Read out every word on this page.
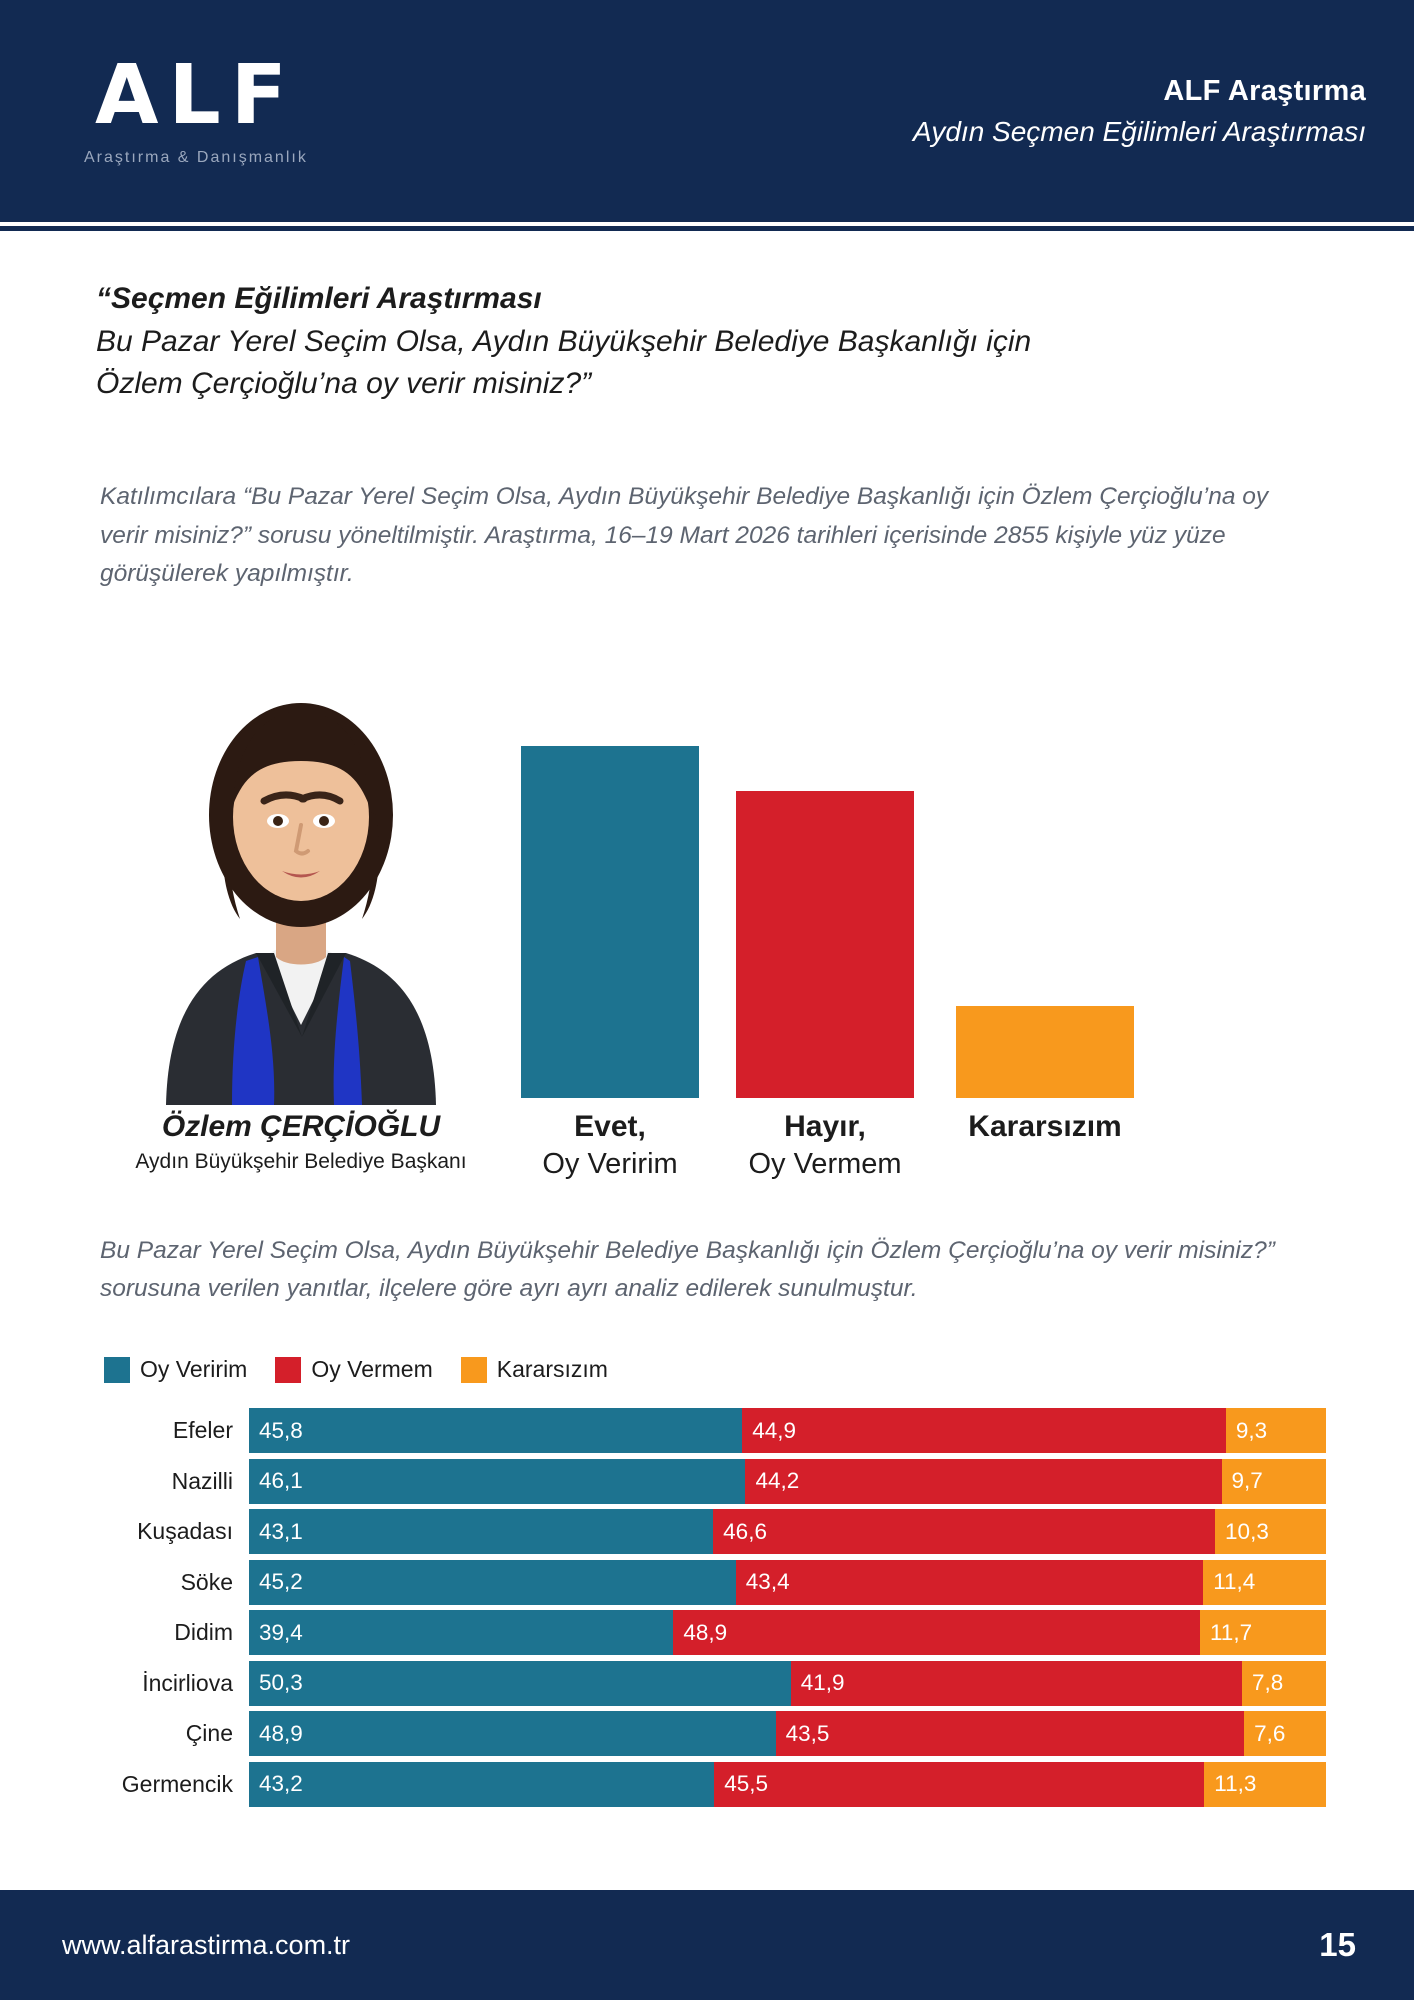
ALF
Araştırma & Danışmanlık
ALF Araştırma
Aydın Seçmen Eğilimleri Araştırması
“Seçmen Eğilimleri Araştırması
Bu Pazar Yerel Seçim Olsa, Aydın Büyükşehir Belediye Başkanlığı için
Özlem Çerçioğlu’na oy verir misiniz?”
Katılımcılara “Bu Pazar Yerel Seçim Olsa, Aydın Büyükşehir Belediye Başkanlığı için Özlem Çerçioğlu’na oy verir misiniz?” sorusu yöneltilmiştir. Araştırma, 16–19 Mart 2026 tarihleri içerisinde 2855 kişiyle yüz yüze görüşülerek yapılmıştır.
Özlem ÇERÇİOĞLU
Aydın Büyükşehir Belediye Başkanı
%47,3
Evet,
Oy Veririm
%43,5
Hayır,
Oy Vermem
%9,2
Kararsızım
Bu Pazar Yerel Seçim Olsa, Aydın Büyükşehir Belediye Başkanlığı için Özlem Çerçioğlu’na oy verir misiniz?” sorusuna verilen yanıtlar, ilçelere göre ayrı ayrı analiz edilerek sunulmuştur.
Oy Veririm	Oy Vermem	Kararsızım
Efeler	45,8	44,9	9,3
Nazilli	46,1	44,2	9,7
Kuşadası	43,1	46,6	10,3
Söke	45,2	43,4	11,4
Didim	39,4	48,9	11,7
İncirliova	50,3	41,9	7,8
Çine	48,9	43,5	7,6
Germencik	43,2	45,5	11,3
www.alfarastirma.com.tr	15
